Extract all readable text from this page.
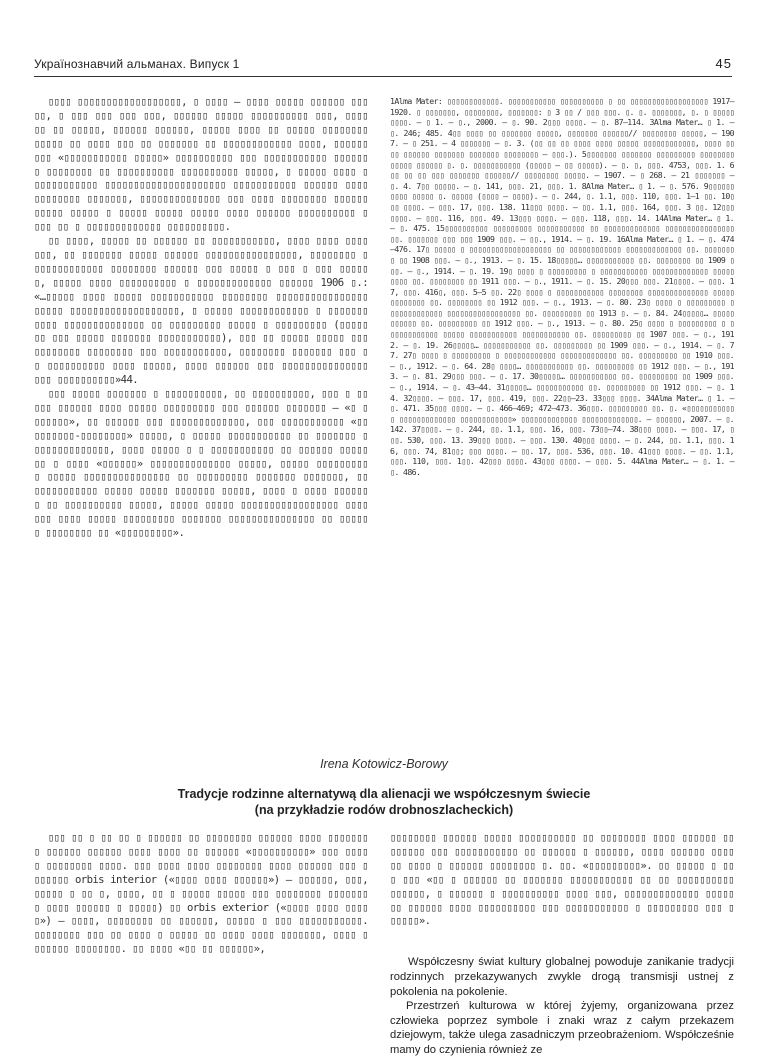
Українознавчий альманах. Випуск 1	45

▯▯▯▯ ▯▯▯▯▯▯▯▯▯▯▯▯▯▯▯▯▯▯, ▯ ▯▯▯▯ – ▯▯▯▯ ▯▯▯▯▯ ▯▯▯▯▯▯ ▯▯▯▯▯, ▯ ▯▯▯ ▯▯▯ ▯▯▯ ▯▯▯, ▯▯▯▯▯▯ ▯▯▯▯▯ ▯▯▯▯▯▯▯▯▯▯ ▯▯▯, ▯▯▯▯ ▯▯ ▯▯ ▯▯▯▯▯, ▯▯▯▯▯▯ ▯▯▯▯▯▯, ▯▯▯▯▯ ▯▯▯▯ ▯▯ ▯▯▯▯▯ ▯▯▯▯▯▯▯▯ ▯▯▯▯▯ ▯▯ ▯▯▯▯ ▯▯▯ ▯▯ ▯▯▯▯▯▯▯ ▯▯ ▯▯▯▯▯▯▯▯▯▯▯▯ ▯▯▯▯, ▯▯▯▯▯▯▯▯▯ «▯▯▯▯▯▯▯▯▯▯▯ ▯▯▯▯▯» ▯▯▯▯▯▯▯▯▯▯ ▯▯▯ ▯▯▯▯▯▯▯▯▯▯▯ ▯▯▯▯▯▯ ▯ ▯▯▯▯▯▯▯▯ ▯▯ ▯▯▯▯▯▯▯▯▯▯ ▯▯▯▯▯▯▯▯▯▯ ▯▯▯▯▯, ▯ ▯▯▯▯▯ ▯▯▯▯ ▯▯▯▯▯▯▯▯▯▯▯▯ ▯▯▯▯▯▯▯▯▯▯▯▯▯▯▯▯▯▯▯▯▯ ▯▯▯▯▯▯▯▯▯▯▯ ▯▯▯▯▯▯ ▯▯▯▯ ▯▯▯▯▯▯▯▯ ▯▯▯▯▯▯▯, ▯▯▯▯▯▯▯▯▯▯▯▯▯▯ ▯▯▯ ▯▯▯▯ ▯▯▯▯▯▯▯▯ ▯▯▯▯▯▯▯▯▯▯▯ ▯▯▯▯▯ ▯ ▯▯▯▯▯ ▯▯▯▯▯ ▯▯▯▯▯ ▯▯▯▯ ▯▯▯▯▯▯ ▯▯▯▯▯▯▯▯▯▯ ▯ ▯▯▯ ▯▯ ▯ ▯▯▯▯▯▯▯▯▯▯▯▯▯ ▯▯▯▯▯▯▯▯▯▯.

▯▯ ▯▯▯▯, ▯▯▯▯▯ ▯▯ ▯▯▯▯▯▯ ▯▯ ▯▯▯▯▯▯▯▯▯▯▯, ▯▯▯▯ ▯▯▯▯ ▯▯▯▯▯▯▯, ▯▯ ▯▯▯▯▯▯▯ ▯▯▯▯▯ ▯▯▯▯▯▯ ▯▯▯▯▯▯▯▯▯▯▯▯▯▯▯▯, ▯▯▯▯▯▯▯▯ ▯▯▯▯▯▯▯▯▯▯▯▯▯ ▯▯▯▯▯▯▯▯ ▯▯▯▯▯▯ ▯▯▯ ▯▯▯▯▯ ▯ ▯▯▯ ▯ ▯▯▯ ▯▯▯▯▯▯, ▯▯▯▯▯ ▯▯▯▯ ▯▯▯▯▯▯▯▯▯▯ ▯ ▯▯▯▯▯▯▯▯▯▯▯▯▯ ▯▯▯▯▯▯ 1906 ▯.: «…▯▯▯▯▯ ▯▯▯▯ ▯▯▯▯▯ ▯▯▯▯▯▯▯▯▯▯▯ ▯▯▯▯▯▯▯▯ ▯▯▯▯▯▯▯▯▯▯▯▯▯▯▯▯ ▯▯▯▯▯ ▯▯▯▯▯▯▯▯▯▯▯▯▯▯▯▯▯▯▯, ▯ ▯▯▯▯▯ ▯▯▯▯▯▯▯▯▯▯▯▯ ▯ ▯▯▯▯▯▯▯▯▯▯▯ ▯▯▯▯▯▯▯▯▯▯▯▯▯▯ ▯▯ ▯▯▯▯▯▯▯▯▯ ▯▯▯▯▯ ▯ ▯▯▯▯▯▯▯▯▯ (▯▯▯▯▯▯▯ ▯▯▯ ▯▯▯▯▯ ▯▯▯▯▯▯▯ ▯▯▯▯▯▯▯▯▯▯▯), ▯▯▯ ▯▯ ▯▯▯▯▯ ▯▯▯▯▯ ▯▯▯▯▯▯▯▯▯▯▯ ▯▯▯▯▯▯▯▯ ▯▯▯ ▯▯▯▯▯▯▯▯▯▯▯, ▯▯▯▯▯▯▯▯ ▯▯▯▯▯▯▯ ▯▯▯ ▯▯ ▯▯▯▯▯▯▯▯▯▯ ▯▯▯▯ ▯▯▯▯▯, ▯▯▯▯ ▯▯▯▯▯▯ ▯▯▯ ▯▯▯▯▯▯▯▯▯▯▯▯▯▯▯ ▯▯▯ ▯▯▯▯▯▯▯▯▯▯»44.

▯▯▯ ▯▯▯▯▯ ▯▯▯▯▯▯▯ ▯ ▯▯▯▯▯▯▯▯▯▯, ▯▯ ▯▯▯▯▯▯▯▯▯▯, ▯▯▯ ▯ ▯▯▯▯▯ ▯▯▯▯▯▯ ▯▯▯▯ ▯▯▯▯▯ ▯▯▯▯▯▯▯▯▯ ▯▯▯ ▯▯▯▯▯▯ ▯▯▯▯▯▯▯ – «▯ ▯▯▯▯▯▯▯», ▯▯ ▯▯▯▯▯▯ ▯▯▯ ▯▯▯▯▯▯▯▯▯▯▯▯▯, ▯▯▯ ▯▯▯▯▯▯▯▯▯▯▯ «▯▯▯▯▯▯▯▯▯-▯▯▯▯▯▯▯▯» ▯▯▯▯▯, ▯ ▯▯▯▯▯ ▯▯▯▯▯▯▯▯▯▯▯ ▯▯ ▯▯▯▯▯▯▯ ▯▯▯▯▯▯▯▯▯▯▯▯▯▯, ▯▯▯▯ ▯▯▯▯▯ ▯ ▯ ▯▯▯▯▯▯▯▯▯▯▯ ▯▯ ▯▯▯▯▯▯ ▯▯▯▯▯▯▯ ▯ ▯▯▯▯ «▯▯▯▯▯▯» ▯▯▯▯▯▯▯▯▯▯▯▯▯▯ ▯▯▯▯▯, ▯▯▯▯▯ ▯▯▯▯▯▯▯▯▯ ▯ ▯▯▯▯▯ ▯▯▯▯▯▯▯▯▯▯▯▯▯▯▯ ▯▯ ▯▯▯▯▯▯▯▯▯ ▯▯▯▯▯▯▯ ▯▯▯▯▯▯▯, ▯▯ ▯▯▯▯▯▯▯▯▯▯▯ ▯▯▯▯▯ ▯▯▯▯▯ ▯▯▯▯▯▯▯ ▯▯▯▯▯, ▯▯▯▯ ▯ ▯▯▯▯ ▯▯▯▯▯▯▯ ▯▯ ▯▯▯▯▯▯▯▯▯▯ ▯▯▯▯▯, ▯▯▯▯▯ ▯▯▯▯▯ ▯▯▯▯▯▯▯▯▯▯▯▯▯▯▯▯▯ ▯▯▯▯▯▯▯ ▯▯▯▯ ▯▯▯▯▯ ▯▯▯▯▯▯▯▯▯ ▯▯▯▯▯▯▯ ▯▯▯▯▯▯▯▯▯▯▯▯▯▯▯ ▯▯ ▯▯▯▯▯▯ ▯▯▯▯▯▯▯▯ ▯▯ «▯▯▯▯▯▯▯▯▯».

1Alma Mater: ▯▯▯▯▯▯▯▯▯▯▯▯. ▯▯▯▯▯▯▯▯▯▯▯ ▯▯▯▯▯▯▯▯▯▯ ▯ ▯▯ ▯▯▯▯▯▯▯▯▯▯▯▯▯▯▯▯▯▯ 1917–1920. ▯ ▯▯▯▯▯▯▯, ▯▯▯▯▯▯▯▯, ▯▯▯▯▯▯▯: ▯ 3 ▯▯ / ▯▯▯ ▯▯▯. ▯. ▯. ▯▯▯▯▯▯▯, ▯. ▯ ▯▯▯▯▯▯▯▯▯. – ▯ 1. – ▯., 2000. – ▯. 90. 2▯▯▯ ▯▯▯▯. – ▯. 87–114. 3Alma Mater… ▯ 1. – ▯. 246; 485. 4▯▯ ▯▯▯▯ ▯▯ ▯▯▯▯▯▯▯ ▯▯▯▯▯, ▯▯▯▯▯▯▯ ▯▯▯▯▯▯// ▯▯▯▯▯▯▯▯ ▯▯▯▯▯, – 1907. – ▯ 251. – 4 ▯▯▯▯▯▯▯ – ▯. 3. (▯▯ ▯▯ ▯▯ ▯▯▯▯ ▯▯▯▯ ▯▯▯▯▯ ▯▯▯▯▯▯▯▯▯▯▯▯, ▯▯▯▯ ▯▯▯▯ ▯▯▯▯▯▯ ▯▯▯▯▯▯▯ ▯▯▯▯▯▯▯ ▯▯▯▯▯▯▯▯ – ▯▯▯.). 5▯▯▯▯▯▯▯ ▯▯▯▯▯▯▯ ▯▯▯▯▯▯▯▯▯ ▯▯▯▯▯▯▯▯ ▯▯▯▯▯ ▯▯▯▯▯▯ ▯. ▯. ▯▯▯▯▯▯▯▯▯▯▯ (▯▯▯▯▯ – ▯▯ ▯▯▯▯▯). – ▯. ▯, ▯▯▯. 4753, ▯▯▯. 1. 6▯▯ ▯▯ ▯▯ ▯▯▯ ▯▯▯▯▯▯▯ ▯▯▯▯▯▯// ▯▯▯▯▯▯▯▯ ▯▯▯▯▯. – 1907. – ▯ 268. – 21 ▯▯▯▯▯▯▯ – ▯. 4. 7▯▯ ▯▯▯▯▯. – ▯. 141, ▯▯▯. 21, ▯▯▯. 1. 8Alma Mater… ▯ 1. – ▯. 576. 9▯▯▯▯▯▯▯▯▯▯ ▯▯▯▯▯ ▯. ▯▯▯▯▯ (▯▯▯▯ – ▯▯▯▯). – ▯. 244, ▯. 1.1, ▯▯▯. 110, ▯▯▯. 1–1 ▯▯. 10▯▯▯ ▯▯▯▯. – ▯▯▯. 17, ▯▯▯. 138. 11▯▯▯ ▯▯▯▯. – ▯▯. 1.1, ▯▯▯. 164, ▯▯▯. 3 ▯▯. 12▯▯▯ ▯▯▯▯. – ▯▯▯. 116, ▯▯▯. 49. 13▯▯▯ ▯▯▯▯. – ▯▯▯. 118, ▯▯▯. 14. 14Alma Mater… ▯ 1. – ▯. 475. 15▯▯▯▯▯▯▯▯▯▯ ▯▯▯▯▯▯▯▯▯ ▯▯▯▯▯▯▯▯▯▯▯ ▯▯ ▯▯▯▯▯▯▯▯▯▯▯▯▯ ▯▯▯▯▯▯▯▯▯▯▯▯▯▯▯▯ ▯▯. ▯▯▯▯▯▯▯ ▯▯▯ ▯▯▯ 1909 ▯▯▯. – ▯▯., 1914. – ▯. 19. 16Alma Mater… ▯ 1. – ▯. 474–476. 17▯ ▯▯▯▯▯ ▯ ▯▯▯▯▯▯▯▯▯▯▯▯▯▯▯▯▯▯▯ ▯▯ ▯▯▯▯▯▯▯▯▯▯▯▯ ▯▯▯▯▯▯▯▯▯▯▯▯▯ ▯▯. ▯▯▯▯▯▯▯▯ ▯▯ 1908 ▯▯▯. – ▯., 1913. – ▯. 15. 18▯▯▯▯▯… ▯▯▯▯▯▯▯▯▯▯▯ ▯▯. ▯▯▯▯▯▯▯▯ ▯▯ 1909 ▯▯▯. – ▯., 1914. – ▯. 19. 19▯ ▯▯▯▯ ▯ ▯▯▯▯▯▯▯▯▯ ▯ ▯▯▯▯▯▯▯▯▯▯▯ ▯▯▯▯▯▯▯▯▯▯▯▯▯ ▯▯▯▯▯▯▯▯▯ ▯▯. ▯▯▯▯▯▯▯▯ ▯▯ 1911 ▯▯▯. – ▯., 1911. – ▯. 15. 20▯▯▯ ▯▯▯. 21▯▯▯▯. – ▯▯▯. 17, ▯▯▯. 416▯, ▯▯▯. 5–5 ▯▯. 22▯ ▯▯▯▯ ▯ ▯▯▯▯▯▯▯▯▯▯▯ ▯▯▯▯▯▯▯▯ ▯▯▯▯▯▯▯▯▯▯▯▯▯▯ ▯▯▯▯▯▯▯▯▯▯▯▯▯ ▯▯. ▯▯▯▯▯▯▯▯ ▯▯ 1912 ▯▯▯. – ▯., 1913. – ▯. 80. 23▯ ▯▯▯▯ ▯ ▯▯▯▯▯▯▯▯▯ ▯ ▯▯▯▯▯▯▯▯▯▯▯▯ ▯▯▯▯▯▯▯▯▯▯▯▯▯▯▯▯▯ ▯▯. ▯▯▯▯▯▯▯▯▯ ▯▯ 1913 ▯. – ▯. 84. 24▯▯▯▯▯… ▯▯▯▯▯▯▯▯▯▯▯ ▯▯. ▯▯▯▯▯▯▯▯▯ ▯▯ 1912 ▯▯▯. – ▯., 1913. – ▯. 80. 25▯ ▯▯▯▯ ▯ ▯▯▯▯▯▯▯▯▯ ▯ ▯▯▯▯▯▯▯▯▯▯▯▯ ▯▯▯▯▯ ▯▯▯▯▯▯▯▯▯▯▯ ▯▯▯▯▯▯▯▯▯▯▯ ▯▯. ▯▯▯▯▯▯▯▯▯ ▯▯ 1907 ▯▯▯. – ▯., 1912. – ▯. 19. 26▯▯▯▯▯… ▯▯▯▯▯▯▯▯▯▯▯ ▯▯. ▯▯▯▯▯▯▯▯▯ ▯▯ 1909 ▯▯▯. – ▯., 1914. – ▯. 77. 27▯ ▯▯▯▯ ▯ ▯▯▯▯▯▯▯▯▯ ▯ ▯▯▯▯▯▯▯▯▯▯▯▯ ▯▯▯▯▯▯▯▯▯▯▯▯▯ ▯▯. ▯▯▯▯▯▯▯▯▯ ▯▯ 1910 ▯▯▯. – ▯., 1912. – ▯. 64. 28▯ ▯▯▯▯… ▯▯▯▯▯▯▯▯▯▯▯ ▯▯. ▯▯▯▯▯▯▯▯▯ ▯▯ 1912 ▯▯▯. – ▯., 1913. – ▯. 81. 29▯▯▯ ▯▯▯. – ▯. 17. 30▯▯▯▯▯… ▯▯▯▯▯▯▯▯▯▯▯ ▯▯. ▯▯▯▯▯▯▯▯▯ ▯▯ 1909 ▯▯▯. – ▯., 1914. – ▯. 43–44. 31▯▯▯▯▯… ▯▯▯▯▯▯▯▯▯▯▯ ▯▯. ▯▯▯▯▯▯▯▯▯ ▯▯ 1912 ▯▯▯. – ▯. 14. 32▯▯▯▯. – ▯▯▯. 17, ▯▯▯. 419, ▯▯▯. 22▯▯–23. 33▯▯▯ ▯▯▯▯. 34Alma Mater… ▯ 1. – ▯. 471. 35▯▯▯ ▯▯▯▯. – ▯. 466–469; 472–473. 36▯▯▯. ▯▯▯▯▯▯▯▯▯ ▯▯. ▯. «▯▯▯▯▯▯▯▯▯▯▯▯ ▯▯▯▯▯▯▯▯▯▯▯▯▯ ▯▯▯▯▯▯▯▯▯▯▯▯» ▯▯▯▯▯▯▯▯▯▯▯▯▯ ▯▯▯▯▯▯▯▯▯▯▯▯▯. – ▯▯▯▯▯▯, 2007. – ▯. 142. 37▯▯▯▯. – ▯. 244, ▯▯. 1.1, ▯▯▯. 16, ▯▯▯. 73▯▯–74. 38▯▯▯ ▯▯▯▯. – ▯▯▯. 17, ▯▯▯. 530, ▯▯▯. 13. 39▯▯▯ ▯▯▯▯. – ▯▯▯. 130. 40▯▯▯ ▯▯▯▯. – ▯. 244, ▯▯. 1.1, ▯▯▯. 16, ▯▯▯. 74, 81▯▯; ▯▯▯ ▯▯▯▯. – ▯▯. 17, ▯▯▯. 536, ▯▯▯. 10. 41▯▯▯ ▯▯▯▯. – ▯▯. 1.1, ▯▯▯. 110, ▯▯▯. 1▯▯. 42▯▯▯ ▯▯▯▯. 43▯▯▯ ▯▯▯▯. – ▯▯▯. 5. 44Alma Mater… – ▯. 1. – ▯. 486.

Irena Kotowicz-Borowy
Tradycje rodzinne alternatywą dla alienacji we współczesnym świecie
(na przykładzie rodów drobnoszlacheckich)

▯▯▯ ▯▯ ▯ ▯▯ ▯▯ ▯ ▯▯▯▯▯▯ ▯▯ ▯▯▯▯▯▯▯▯ ▯▯▯▯▯▯ ▯▯▯▯ ▯▯▯▯▯▯▯ ▯ ▯▯▯▯▯▯ ▯▯▯▯▯▯ ▯▯▯▯ ▯▯▯▯ ▯▯ ▯▯▯▯▯▯ «▯▯▯▯▯▯▯▯▯▯» ▯▯▯ ▯▯▯▯ ▯ ▯▯▯▯▯▯▯▯ ▯▯▯▯. ▯▯▯ ▯▯▯▯ ▯▯▯▯ ▯▯▯▯▯▯▯▯ ▯▯▯▯ ▯▯▯▯▯▯ ▯▯▯ ▯▯▯▯▯▯▯ orbis interior («▯▯▯▯ ▯▯▯▯ ▯▯▯▯▯▯») – ▯▯▯▯▯▯, ▯▯▯, ▯▯▯▯▯ ▯ ▯▯ ▯, ▯▯▯▯, ▯▯ ▯ ▯▯▯▯▯ ▯▯▯▯▯ ▯▯▯ ▯▯▯▯▯▯▯▯ ▯▯▯▯▯▯▯▯ ▯▯▯▯ ▯▯▯▯▯▯ ▯ ▯▯▯▯▯) ▯▯ orbis exterior («▯▯▯▯ ▯▯▯▯ ▯▯▯▯▯») – ▯▯▯▯, ▯▯▯▯▯▯▯▯ ▯▯ ▯▯▯▯▯▯, ▯▯▯▯▯ ▯ ▯▯▯ ▯▯▯▯▯▯▯▯▯▯▯. ▯▯▯▯▯▯▯▯ ▯▯▯ ▯▯ ▯▯▯▯ ▯ ▯▯▯▯▯ ▯▯ ▯▯▯▯ ▯▯▯▯ ▯▯▯▯▯▯▯, ▯▯▯▯ ▯▯▯▯▯▯▯ ▯▯▯▯▯▯▯▯. ▯▯ ▯▯▯▯ «▯▯ ▯▯ ▯▯▯▯▯▯»,

▯▯▯▯▯▯▯▯ ▯▯▯▯▯▯ ▯▯▯▯▯ ▯▯▯▯▯▯▯▯▯▯ ▯▯ ▯▯▯▯▯▯▯▯ ▯▯▯▯ ▯▯▯▯▯▯ ▯▯▯▯▯▯▯▯ ▯▯▯ ▯▯▯▯▯▯▯▯▯▯▯ ▯▯ ▯▯▯▯▯▯ ▯ ▯▯▯▯▯▯, ▯▯▯▯ ▯▯▯▯▯▯ ▯▯▯▯▯▯ ▯▯▯▯ ▯ ▯▯▯▯▯▯ ▯▯▯▯▯▯▯▯ ▯. ▯▯. «▯▯▯▯▯▯▯▯▯». ▯▯ ▯▯▯▯▯ ▯ ▯▯▯ ▯▯▯ «▯▯ ▯ ▯▯▯▯▯▯ ▯▯ ▯▯▯▯▯▯▯ ▯▯▯▯▯▯▯▯▯▯▯ ▯▯ ▯▯ ▯▯▯▯▯▯▯▯▯▯ ▯▯▯▯▯▯, ▯ ▯▯▯▯▯▯ ▯ ▯▯▯▯▯▯▯▯▯▯ ▯▯▯▯ ▯▯▯, ▯▯▯▯▯▯▯▯▯▯▯▯▯ ▯▯▯▯▯▯▯ ▯▯▯▯▯▯ ▯▯▯▯ ▯▯▯▯▯▯▯▯▯▯ ▯▯▯ ▯▯▯▯▯▯▯▯▯▯▯ ▯ ▯▯▯▯▯▯▯▯▯ ▯▯▯ ▯▯▯▯▯▯».

Współczesny świat kultury globalnej powoduje zanikanie tradycji rodzinnych przekazywanych zwykle drogą transmisji ustnej z pokolenia na pokolenie.

Przestrzeń kulturowa w której żyjemy, organizowana przez człowieka poprzez symbole i znaki wraz z całym przekazem dziejowym, także ulega zasadniczym przeobrażeniom. Współcześnie mamy do czynienia również ze
